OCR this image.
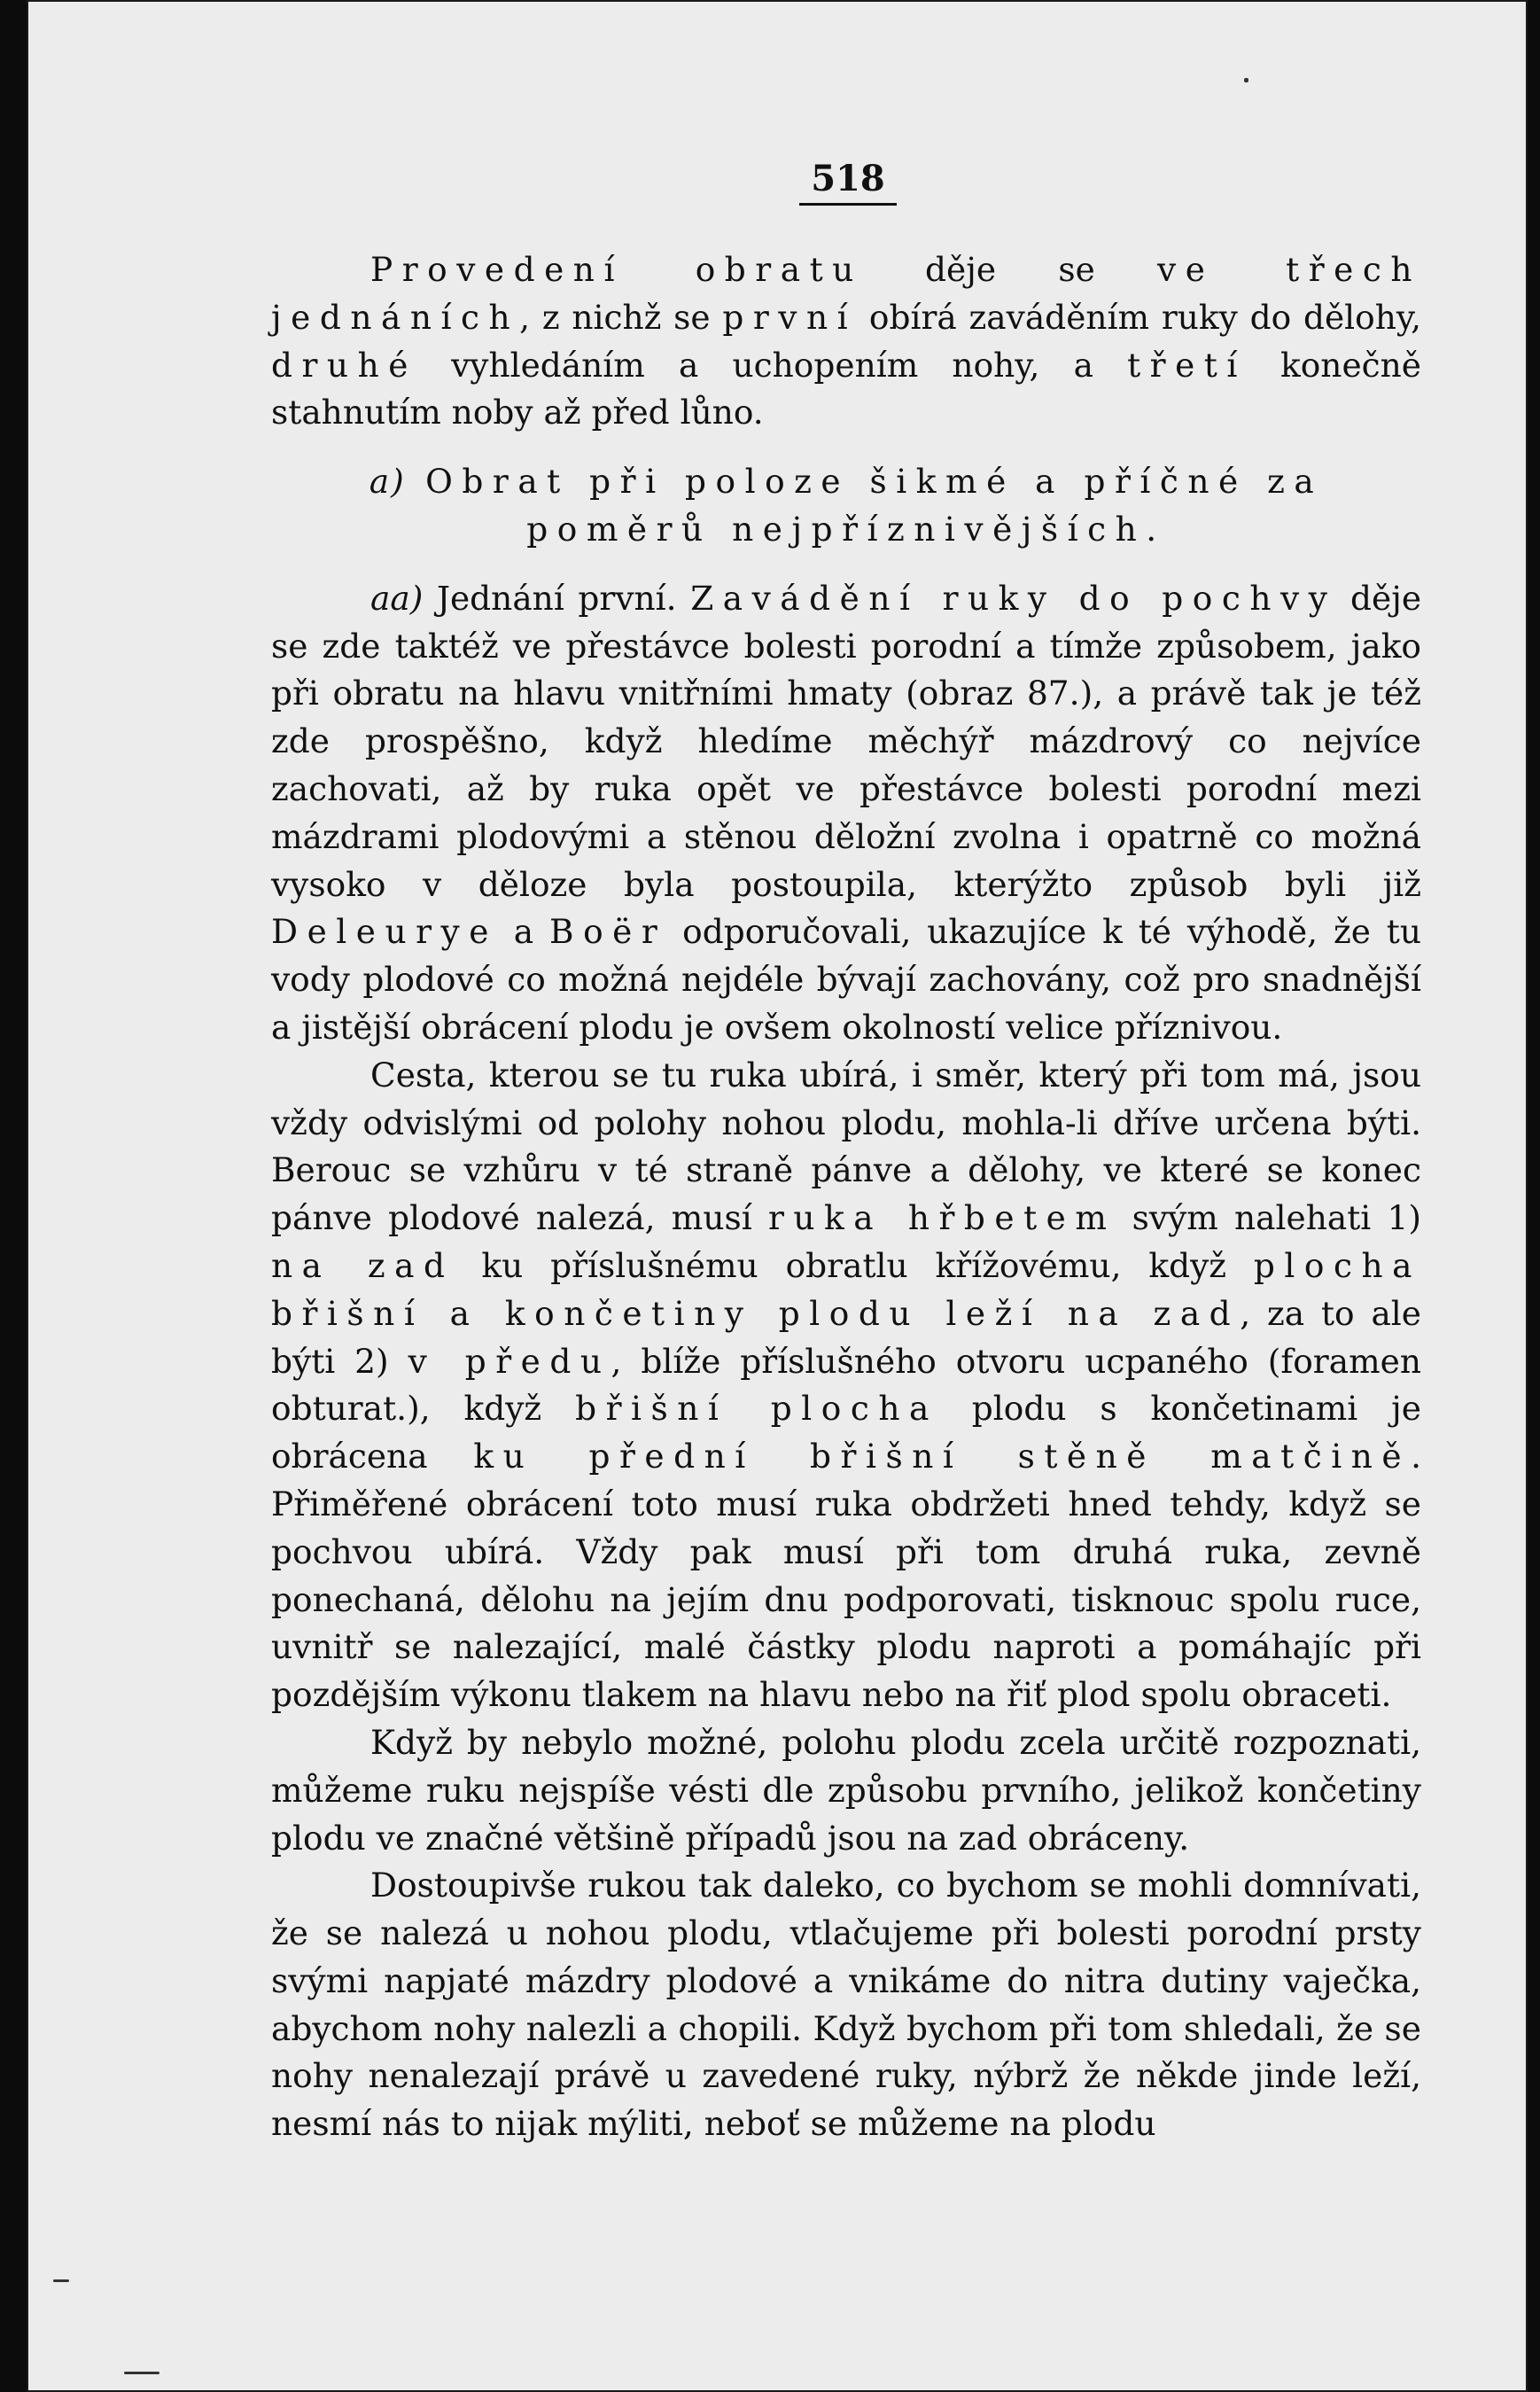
518

Provedení obratu děje se ve třech jednáních, z nichž se první obírá zaváděním ruky do dělohy, druhé vyhledáním a uchopením nohy, a třetí konečně stahnutím noby až před lůno.

a) Obrat při poloze šikmé a příčné za poměrů nejpříznivějších.

aa) Jednání první. Zavádění ruky do pochvy děje se zde taktéž ve přestávce bolesti porodní a tímže způsobem, jako při obratu na hlavu vnitřními hmaty (obraz 87.), a právě tak je též zde prospěšno, když hledíme měchýř mázdrový co nejvíce zachovati, až by ruka opět ve přestávce bolesti porodní mezi mázdrami plodovými a stěnou děložní zvolna i opatrně co možná vysoko v děloze byla postoupila, kterýžto způsob byli již Deleurye a Boër odporučovali, ukazujíce k té výhodě, že tu vody plodové co možná nejdéle bývají zachovány, což pro snadnější a jistější obrácení plodu je ovšem okolností velice příznivou.

Cesta, kterou se tu ruka ubírá, i směr, který při tom má, jsou vždy odvislými od polohy nohou plodu, mohla-li dříve určena býti. Berouc se vzhůru v té straně pánve a dělohy, ve které se konec pánve plodové nalezá, musí ruka hřbetem svým nalehati 1) na zad ku příslušnému obratlu křížovému, když plocha břišní a končetiny plodu leží na zad, za to ale býti 2) v předu, blíže příslušného otvoru ucpaného (foramen obturat.), když břišní plocha plodu s končetinami je obrácena ku přední břišní stěně matčině. Přiměřené obrácení toto musí ruka obdržeti hned tehdy, když se pochvou ubírá. Vždy pak musí při tom druhá ruka, zevně ponechaná, dělohu na jejím dnu podporovati, tisknouc spolu ruce, uvnitř se nalezající, malé částky plodu naproti a pomáhajíc při pozdějším výkonu tlakem na hlavu nebo na řiť plod spolu obraceti.

Když by nebylo možné, polohu plodu zcela určitě rozpoznati, můžeme ruku nejspíše vésti dle způsobu prvního, jelikož končetiny plodu ve značné většině případů jsou na zad obráceny.

Dostoupivše rukou tak daleko, co bychom se mohli domnívati, že se nalezá u nohou plodu, vtlačujeme při bolesti porodní prsty svými napjaté mázdry plodové a vnikáme do nitra dutiny vaječka, abychom nohy nalezli a chopili. Když bychom při tom shledali, že se nohy nenalezají právě u zavedené ruky, nýbrž že někde jinde leží, nesmí nás to nijak mýliti, neboť se můžeme na plodu
